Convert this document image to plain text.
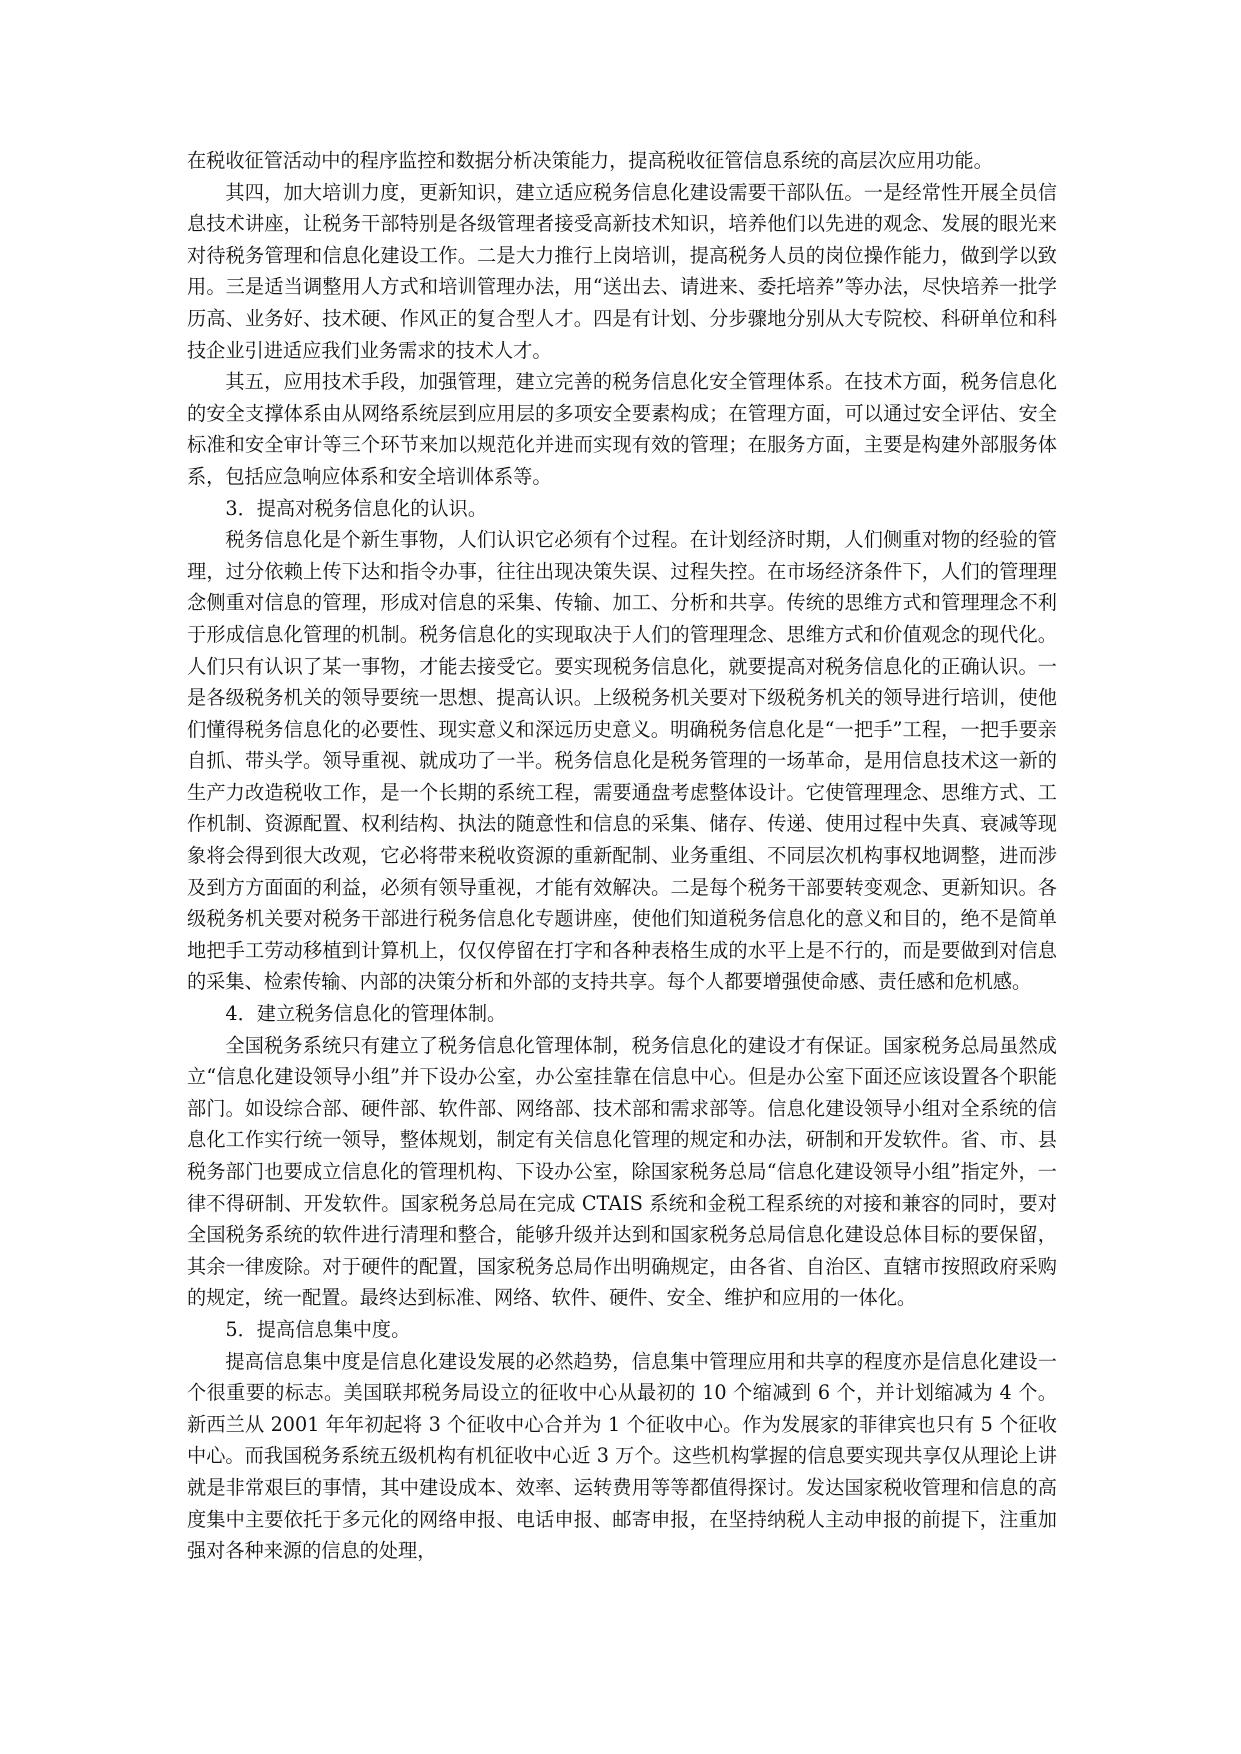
在税收征管活动中的程序监控和数据分析决策能力，提高税收征管信息系统的高层次应用功能。

其四，加大培训力度，更新知识，建立适应税务信息化建设需要干部队伍。一是经常性开展全员信息技术讲座，让税务干部特别是各级管理者接受高新技术知识，培养他们以先进的观念、发展的眼光来对待税务管理和信息化建设工作。二是大力推行上岗培训，提高税务人员的岗位操作能力，做到学以致用。三是适当调整用人方式和培训管理办法，用“送出去、请进来、委托培养”等办法，尽快培养一批学历高、业务好、技术硬、作风正的复合型人才。四是有计划、分步骤地分别从大专院校、科研单位和科技企业引进适应我们业务需求的技术人才。

其五，应用技术手段，加强管理，建立完善的税务信息化安全管理体系。在技术方面，税务信息化的安全支撑体系由从网络系统层到应用层的多项安全要素构成；在管理方面，可以通过安全评估、安全标准和安全审计等三个环节来加以规范化并进而实现有效的管理；在服务方面，主要是构建外部服务体系，包括应急响应体系和安全培训体系等。

3．提高对税务信息化的认识。

税务信息化是个新生事物，人们认识它必须有个过程。在计划经济时期，人们侧重对物的经验的管理，过分依赖上传下达和指令办事，往往出现决策失误、过程失控。在市场经济条件下，人们的管理理念侧重对信息的管理，形成对信息的采集、传输、加工、分析和共享。传统的思维方式和管理理念不利于形成信息化管理的机制。税务信息化的实现取决于人们的管理理念、思维方式和价值观念的现代化。人们只有认识了某一事物，才能去接受它。要实现税务信息化，就要提高对税务信息化的正确认识。一是各级税务机关的领导要统一思想、提高认识。上级税务机关要对下级税务机关的领导进行培训，使他们懂得税务信息化的必要性、现实意义和深远历史意义。明确税务信息化是“一把手”工程，一把手要亲自抓、带头学。领导重视、就成功了一半。税务信息化是税务管理的一场革命，是用信息技术这一新的生产力改造税收工作，是一个长期的系统工程，需要通盘考虑整体设计。它使管理理念、思维方式、工作机制、资源配置、权利结构、执法的随意性和信息的采集、储存、传递、使用过程中失真、衰减等现象将会得到很大改观，它必将带来税收资源的重新配制、业务重组、不同层次机构事权地调整，进而涉及到方方面面的利益，必须有领导重视，才能有效解决。二是每个税务干部要转变观念、更新知识。各级税务机关要对税务干部进行税务信息化专题讲座，使他们知道税务信息化的意义和目的，绝不是简单地把手工劳动移植到计算机上，仅仅停留在打字和各种表格生成的水平上是不行的，而是要做到对信息的采集、检索传输、内部的决策分析和外部的支持共享。每个人都要增强使命感、责任感和危机感。

4．建立税务信息化的管理体制。

全国税务系统只有建立了税务信息化管理体制，税务信息化的建设才有保证。国家税务总局虽然成立“信息化建设领导小组”并下设办公室，办公室挂靠在信息中心。但是办公室下面还应该设置各个职能部门。如设综合部、硬件部、软件部、网络部、技术部和需求部等。信息化建设领导小组对全系统的信息化工作实行统一领导，整体规划，制定有关信息化管理的规定和办法，研制和开发软件。省、市、县税务部门也要成立信息化的管理机构、下设办公室，除国家税务总局“信息化建设领导小组”指定外，一律不得研制、开发软件。国家税务总局在完成 CTAIS 系统和金税工程系统的对接和兼容的同时，要对全国税务系统的软件进行清理和整合，能够升级并达到和国家税务总局信息化建设总体目标的要保留，其余一律废除。对于硬件的配置，国家税务总局作出明确规定，由各省、自治区、直辖市按照政府采购的规定，统一配置。最终达到标准、网络、软件、硬件、安全、维护和应用的一体化。

5．提高信息集中度。

提高信息集中度是信息化建设发展的必然趋势，信息集中管理应用和共享的程度亦是信息化建设一个很重要的标志。美国联邦税务局设立的征收中心从最初的 10 个缩减到 6 个，并计划缩减为 4 个。新西兰从 2001 年年初起将 3 个征收中心合并为 1 个征收中心。作为发展家的菲律宾也只有 5 个征收中心。而我国税务系统五级机构有机征收中心近 3 万个。这些机构掌握的信息要实现共享仅从理论上讲就是非常艰巨的事情，其中建设成本、效率、运转费用等等都值得探讨。发达国家税收管理和信息的高度集中主要依托于多元化的网络申报、电话申报、邮寄申报，在坚持纳税人主动申报的前提下，注重加强对各种来源的信息的处理，
